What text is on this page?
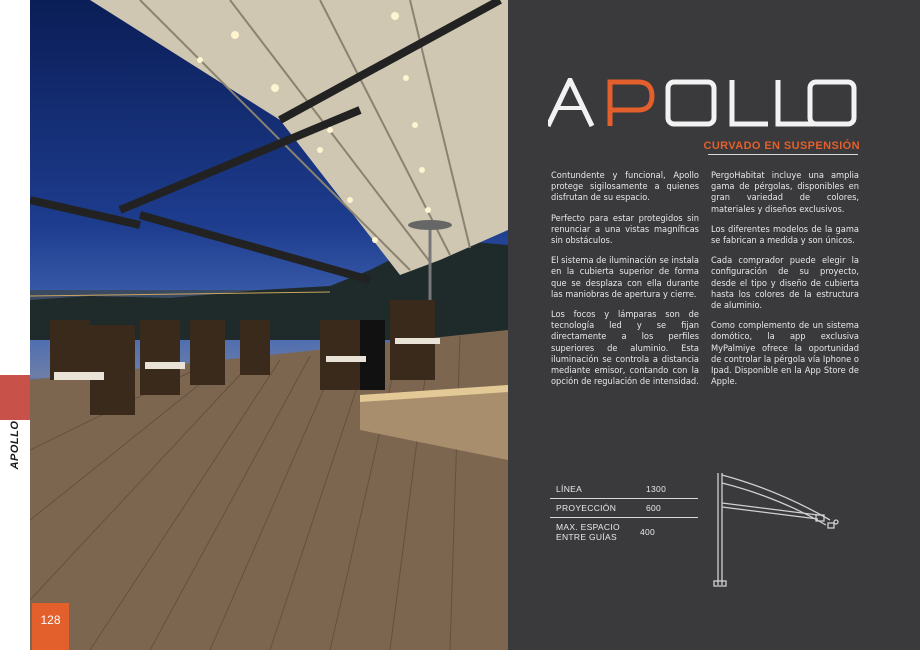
APOLLO
128
CURVADO EN SUSPENSIÓN

Contundente y funcional, Apollo protege sigilosamente a quienes disfrutan de su espacio.

Perfecto para estar protegidos sin renunciar a una vistas magníficas sin obstáculos.

El sistema de iluminación se instala en la cubierta superior de forma que se desplaza con ella durante las maniobras de apertura y cierre.

Los focos y lámparas son de tecnología led y se fijan directamente a los perfiles superiores de aluminio. Esta iluminación se controla a distancia mediante emisor, contando con la opción de regulación de intensidad.

PergoHabitat incluye una amplia gama de pérgolas, disponibles en gran variedad de colores, materiales y diseños exclusivos.

Los diferentes modelos de la gama se fabrican a medida y son únicos.

Cada comprador puede elegir la configuración de su proyecto, desde el tipo y diseño de cubierta hasta los colores de la estructura de aluminio.

Como complemento de un sistema domótico, la app exclusiva MyPalmiye ofrece la oportunidad de controlar la pérgola vía Iphone o Ipad. Disponible en la App Store de Apple.

LÍNEA	1300
PROYECCIÓN	600
MAX. ESPACIO ENTRE GUÍAS	400
